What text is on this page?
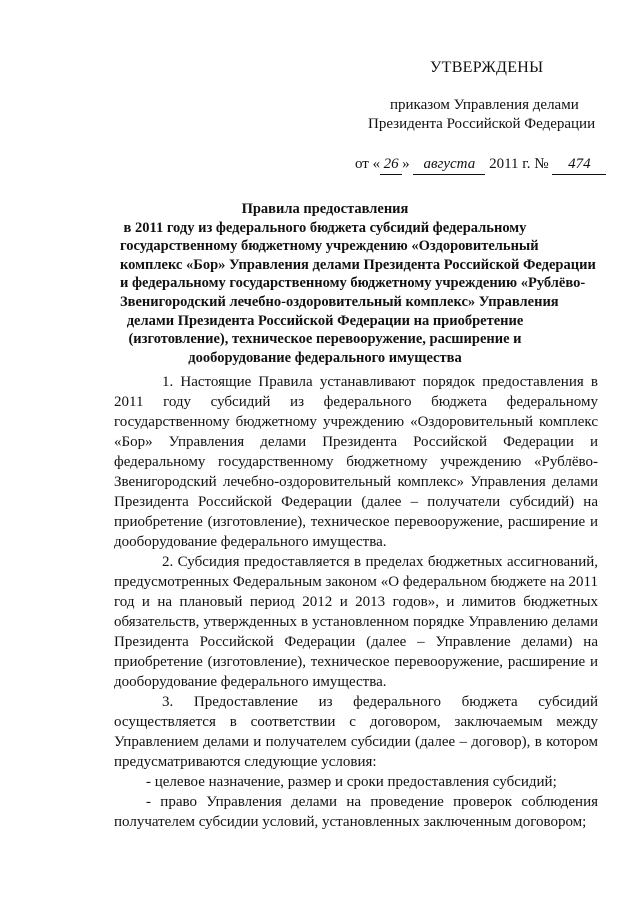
УТВЕРЖДЕНЫ
приказом Управления делами
Президента Российской Федерации
от « 26 » августа 2011 г. № 474
Правила предоставления
в 2011 году из федерального бюджета субсидий федеральному
государственному бюджетному учреждению «Оздоровительный
комплекс «Бор» Управления делами Президента Российской Федерации
и федеральному государственному бюджетному учреждению «Рублёво-
Звенигородский лечебно-оздоровительный комплекс» Управления
делами Президента Российской Федерации на приобретение
(изготовление), техническое перевооружение, расширение и
дооборудование федерального имущества

1. Настоящие Правила устанавливают порядок предоставления в 2011 году субсидий из федерального бюджета федеральному государственному бюджетному учреждению «Оздоровительный комплекс «Бор» Управления делами Президента Российской Федерации и федеральному государственному бюджетному учреждению «Рублёво-Звенигородский лечебно-оздоровительный комплекс» Управления делами Президента Российской Федерации (далее – получатели субсидий) на приобретение (изготовление), техническое перевооружение, расширение и дооборудование федерального имущества.

2. Субсидия предоставляется в пределах бюджетных ассигнований, предусмотренных Федеральным законом «О федеральном бюджете на 2011 год и на плановый период 2012 и 2013 годов», и лимитов бюджетных обязательств, утвержденных в установленном порядке Управлению делами Президента Российской Федерации (далее – Управление делами) на приобретение (изготовление), техническое перевооружение, расширение и дооборудование федерального имущества.

3. Предоставление из федерального бюджета субсидий осуществляется в соответствии с договором, заключаемым между Управлением делами и получателем субсидии (далее – договор), в котором предусматриваются следующие условия:

- целевое назначение, размер и сроки предоставления субсидий;

- право Управления делами на проведение проверок соблюдения получателем субсидии условий, установленных заключенным договором;
